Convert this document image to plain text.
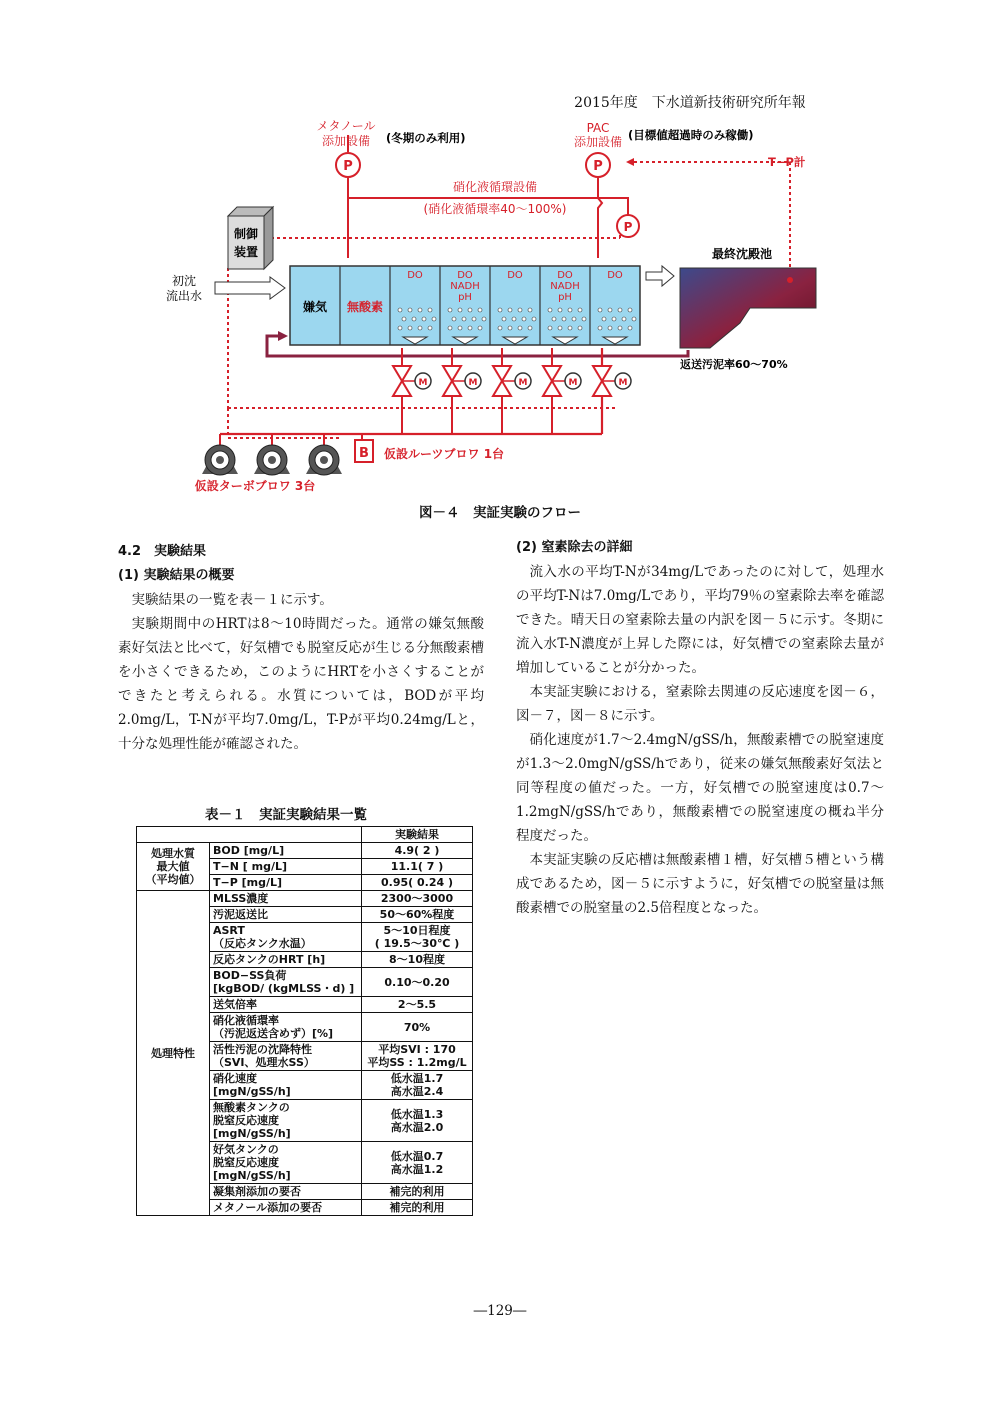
2015年度　下水道新技術研究所年報
制御
装置
初沈
流出水
嫌気 無酸素
DO	DO
NADH
pH
DO	DO
NADH
pH
DO
最終沈殿池
返送汚泥率60～70%
M	M	M	M	M
B 仮設ルーツブロワ 1台
仮設ターボブロワ 3台
P	P
P
メタノール
添加設備 (冬期のみ利用)
PAC
添加設備 (目標値超過時のみ稼働)
T−P計
硝化液循環設備
(硝化液循環率40～100%)
図－４　実証実験のフロー
4.2　実験結果
(1) 実験結果の概要

実験結果の一覧を表－１に示す。

実験期間中のHRTは8～10時間だった。通常の嫌気無酸素好気法と比べて，好気槽でも脱窒反応が生じる分無酸素槽を小さくできるため，このようにHRTを小さくすることができたと考えられる。水質については，BODが平均2.0mg/L，T-Nが平均7.0mg/L，T-Pが平均0.24mg/Lと，十分な処理性能が確認された。

(2) 窒素除去の詳細

流入水の平均T-Nが34mg/Lであったのに対して，処理水の平均T-Nは7.0mg/Lであり，平均79％の窒素除去率を確認できた。晴天日の窒素除去量の内訳を図－５に示す。冬期に流入水T-N濃度が上昇した際には，好気槽での窒素除去量が増加していることが分かった。

本実証実験における，窒素除去関連の反応速度を図－６，図－７，図－８に示す。

硝化速度が1.7～2.4mgN/gSS/h，無酸素槽での脱窒速度が1.3～2.0mgN/gSS/hであり，従来の嫌気無酸素好気法と同等程度の値だった。一方，好気槽での脱窒速度は0.7～1.2mgN/gSS/hであり，無酸素槽での脱窒速度の概ね半分程度だった。

本実証実験の反応槽は無酸素槽１槽，好気槽５槽という構成であるため，図－５に示すように，好気槽での脱窒量は無酸素槽での脱窒量の2.5倍程度となった。

表－１　実証実験結果一覧
		実験結果
処理水質
最大値
（平均値）	BOD [mg/L]	4.9( 2 )
	T−N [ mg/L]	11.1( 7 )
	T−P [mg/L]	0.95( 0.24 )
処理特性	MLSS濃度	2300～3000
	汚泥返送比	50～60%程度
	ASRT
（反応タンク水温）	5～10日程度
( 19.5～30℃ )
	反応タンクのHRT [h]	8～10程度
	BOD−SS負荷
[kgBOD/ (kgMLSS・d) ]	0.10～0.20
	送気倍率	2～5.5
	硝化液循環率
（汚泥返送含めず）[%]	70%
	活性汚泥の沈降特性
（SVI、処理水SS）	平均SVI : 170
平均SS : 1.2mg/L
	硝化速度
[mgN/gSS/h]	低水温1.7
高水温2.4
	無酸素タンクの
脱窒反応速度
[mgN/gSS/h]	低水温1.3
高水温2.0
	好気タンクの
脱窒反応速度
[mgN/gSS/h]	低水温0.7
高水温1.2
	凝集剤添加の要否	補完的利用
	メタノール添加の要否	補完的利用
―129―
